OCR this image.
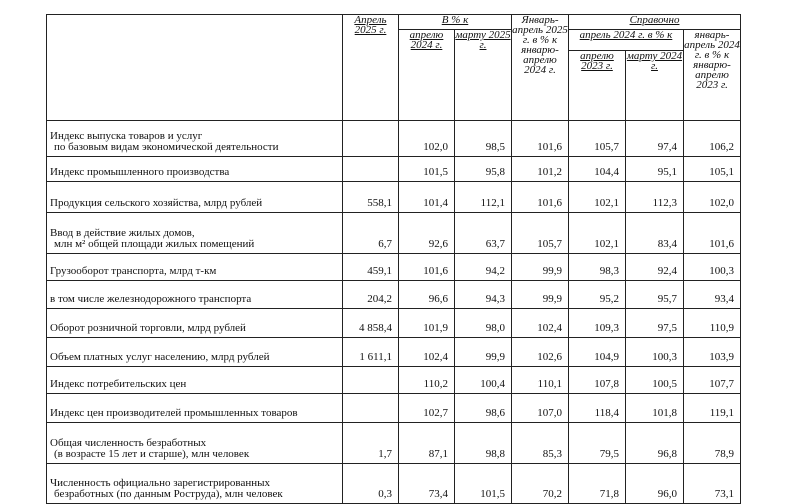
	Апрель 2025 г.	В % к		Январь-апрель 2025 г. в % к январю-апрелю 2024 г.	Справочно		
		апрелю 2024 г.	марту 2025 г.		апрель 2024 г. в % к		январь-апрель 2024 г. в % к январю-апрелю 2023 г.
					апрелю 2023 г.	марту 2024 г.	

Индекс выпуска товаров и услуг
по базовым видам экономической деятельности		102,0	98,5	101,6	105,7	97,4	106,2

Индекс промышленного производства		101,5	95,8	101,2	104,4	95,1	105,1

Продукция сельского хозяйства, млрд рублей	558,1	101,4	112,1	101,6	102,1	112,3	102,0

Ввод в действие жилых домов,
млн м² общей площади жилых помещений	6,7	92,6	63,7	105,7	102,1	83,4	101,6

Грузооборот транспорта, млрд т-км	459,1	101,6	94,2	99,9	98,3	92,4	100,3

в том числе железнодорожного транспорта	204,2	96,6	94,3	99,9	95,2	95,7	93,4

Оборот розничной торговли, млрд рублей	4 858,4	101,9	98,0	102,4	109,3	97,5	110,9

Объем платных услуг населению, млрд рублей	1 611,1	102,4	99,9	102,6	104,9	100,3	103,9

Индекс потребительских цен		110,2	100,4	110,1	107,8	100,5	107,7

Индекс цен производителей промышленных товаров		102,7	98,6	107,0	118,4	101,8	119,1

Общая численность безработных
(в возрасте 15 лет и старше), млн человек	1,7	87,1	98,8	85,3	79,5	96,8	78,9

Численность официально зарегистрированных
безработных (по данным Роструда), млн человек	0,3	73,4	101,5	70,2	71,8	96,0	73,1
